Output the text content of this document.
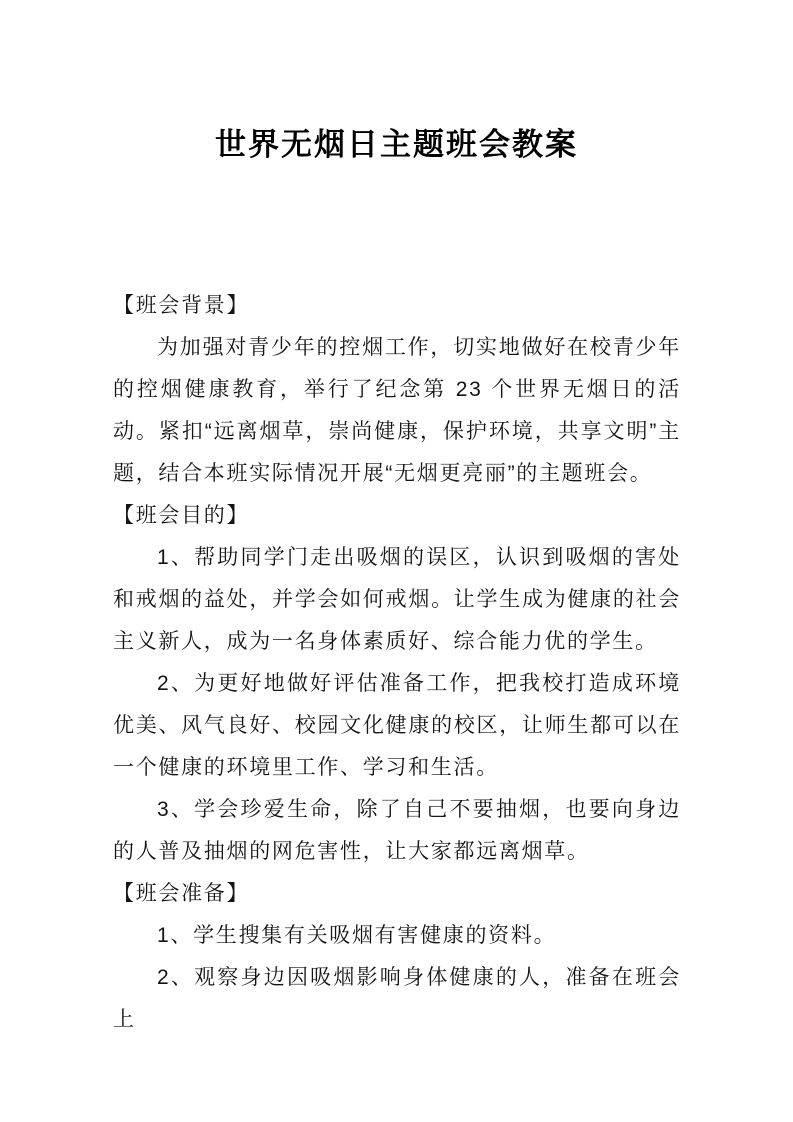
世界无烟日主题班会教案

【班会背景】

为加强对青少年的控烟工作，切实地做好在校青少年的控烟健康教育，举行了纪念第 23 个世界无烟日的活动。紧扣“远离烟草，崇尚健康，保护环境，共享文明”主题，结合本班实际情况开展“无烟更亮丽”的主题班会。

【班会目的】

1、帮助同学门走出吸烟的误区，认识到吸烟的害处和戒烟的益处，并学会如何戒烟。让学生成为健康的社会主义新人，成为一名身体素质好、综合能力优的学生。

2、为更好地做好评估准备工作，把我校打造成环境优美、风气良好、校园文化健康的校区，让师生都可以在一个健康的环境里工作、学习和生活。

3、学会珍爱生命，除了自己不要抽烟，也要向身边的人普及抽烟的网危害性，让大家都远离烟草。

【班会准备】

1、学生搜集有关吸烟有害健康的资料。

2、观察身边因吸烟影响身体健康的人，准备在班会上
